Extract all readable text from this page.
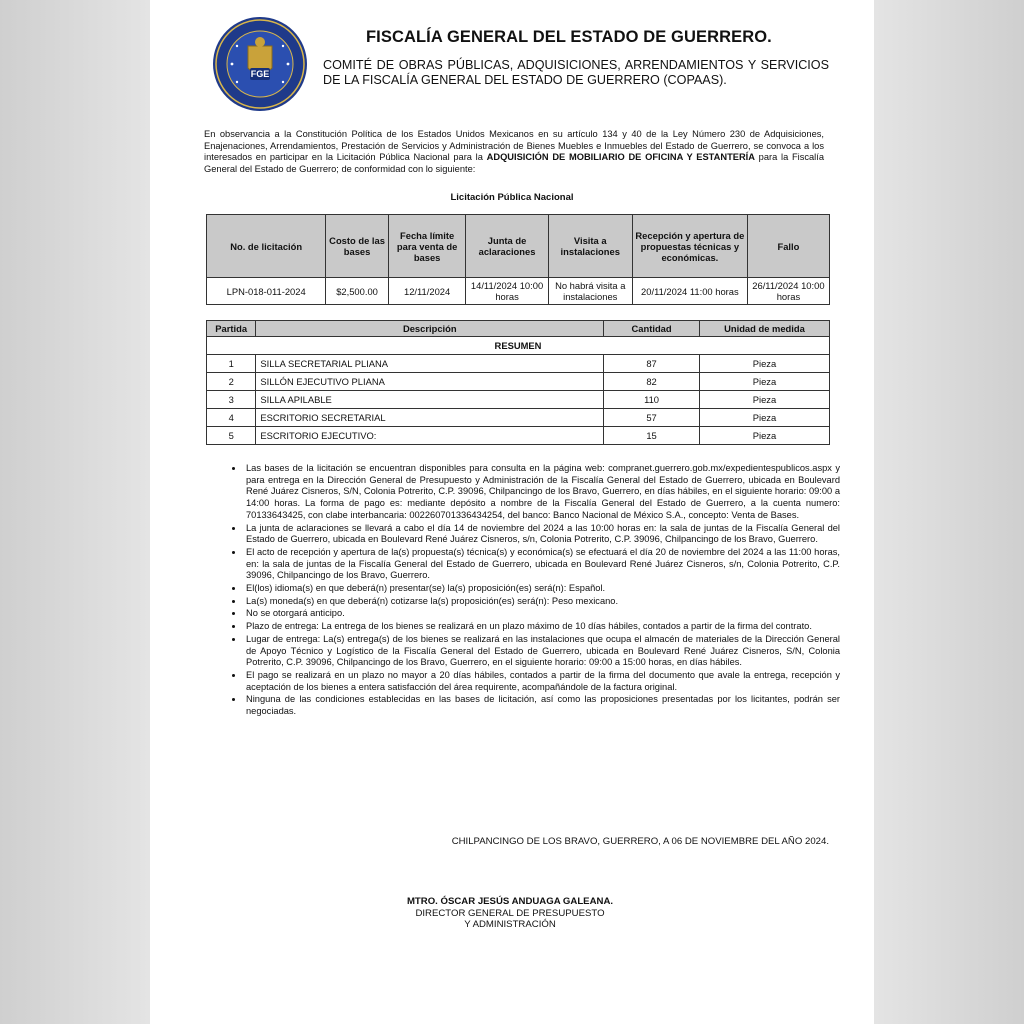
FGE
FISCALÍA GENERAL DEL ESTADO DE GUERRERO.
COMITÉ DE OBRAS PÚBLICAS, ADQUISICIONES, ARRENDAMIENTOS Y SERVICIOS DE LA FISCALÍA GENERAL DEL ESTADO DE GUERRERO (COPAAS).
En observancia a la Constitución Política de los Estados Unidos Mexicanos en su artículo 134 y 40 de la Ley Número 230 de Adquisiciones, Enajenaciones, Arrendamientos, Prestación de Servicios y Administración de Bienes Muebles e Inmuebles del Estado de Guerrero, se convoca a los interesados en participar en la Licitación Pública Nacional para la ADQUISICIÓN DE MOBILIARIO DE OFICINA Y ESTANTERÍA para la Fiscalía General del Estado de Guerrero; de conformidad con lo siguiente:
Licitación Pública Nacional
No. de licitación	Costo de las bases	Fecha límite para venta de bases	Junta de aclaraciones	Visita a instalaciones	Recepción y apertura de propuestas técnicas y económicas.	Fallo
LPN-018-011-2024	$2,500.00	12/11/2024	14/11/2024 10:00 horas	No habrá visita a instalaciones	20/11/2024 11:00 horas	26/11/2024 10:00 horas
Partida	Descripción	Cantidad	Unidad de medida
RESUMEN			
1	SILLA SECRETARIAL PLIANA	87	Pieza
2	SILLÓN EJECUTIVO PLIANA	82	Pieza
3	SILLA APILABLE	110	Pieza
4	ESCRITORIO SECRETARIAL	57	Pieza
5	ESCRITORIO EJECUTIVO:	15	Pieza
• Las bases de la licitación se encuentran disponibles para consulta en la página web: compranet.guerrero.gob.mx/expedientespublicos.aspx y para entrega en la Dirección General de Presupuesto y Administración de la Fiscalía General del Estado de Guerrero, ubicada en Boulevard René Juárez Cisneros, S/N, Colonia Potrerito, C.P. 39096, Chilpancingo de los Bravo, Guerrero, en días hábiles, en el siguiente horario: 09:00 a 14:00 horas. La forma de pago es: mediante depósito a nombre de la Fiscalía General del Estado de Guerrero, a la cuenta numero: 70133643425, con clabe interbancaria: 002260701336434254, del banco: Banco Nacional de México S.A., concepto: Venta de Bases.
• La junta de aclaraciones se llevará a cabo el día 14 de noviembre del 2024 a las 10:00 horas en: la sala de juntas de la Fiscalía General del Estado de Guerrero, ubicada en Boulevard René Juárez Cisneros, s/n, Colonia Potrerito, C.P. 39096, Chilpancingo de los Bravo, Guerrero.
• El acto de recepción y apertura de la(s) propuesta(s) técnica(s) y económica(s) se efectuará el día 20 de noviembre del 2024 a las 11:00 horas, en: la sala de juntas de la Fiscalía General del Estado de Guerrero, ubicada en Boulevard René Juárez Cisneros, s/n, Colonia Potrerito, C.P. 39096, Chilpancingo de los Bravo, Guerrero.
• El(los) idioma(s) en que deberá(n) presentar(se) la(s) proposición(es) será(n): Español.
• La(s) moneda(s) en que deberá(n) cotizarse la(s) proposición(es) será(n): Peso mexicano.
• No se otorgará anticipo.
• Plazo de entrega: La entrega de los bienes se realizará en un plazo máximo de 10 días hábiles, contados a partir de la firma del contrato.
• Lugar de entrega: La(s) entrega(s) de los bienes se realizará en las instalaciones que ocupa el almacén de materiales de la Dirección General de Apoyo Técnico y Logístico de la Fiscalía General del Estado de Guerrero, ubicada en Boulevard René Juárez Cisneros, S/N, Colonia Potrerito, C.P. 39096, Chilpancingo de los Bravo, Guerrero, en el siguiente horario: 09:00 a 15:00 horas, en días hábiles.
• El pago se realizará en un plazo no mayor a 20 días hábiles, contados a partir de la firma del documento que avale la entrega, recepción y aceptación de los bienes a entera satisfacción del área requirente, acompañándole de la factura original.
• Ninguna de las condiciones establecidas en las bases de licitación, así como las proposiciones presentadas por los licitantes, podrán ser negociadas.
CHILPANCINGO DE LOS BRAVO, GUERRERO, A 06 DE NOVIEMBRE DEL AÑO 2024.
MTRO. ÓSCAR JESÚS ANDUAGA GALEANA.
DIRECTOR GENERAL DE PRESUPUESTO
Y ADMINISTRACIÓN
